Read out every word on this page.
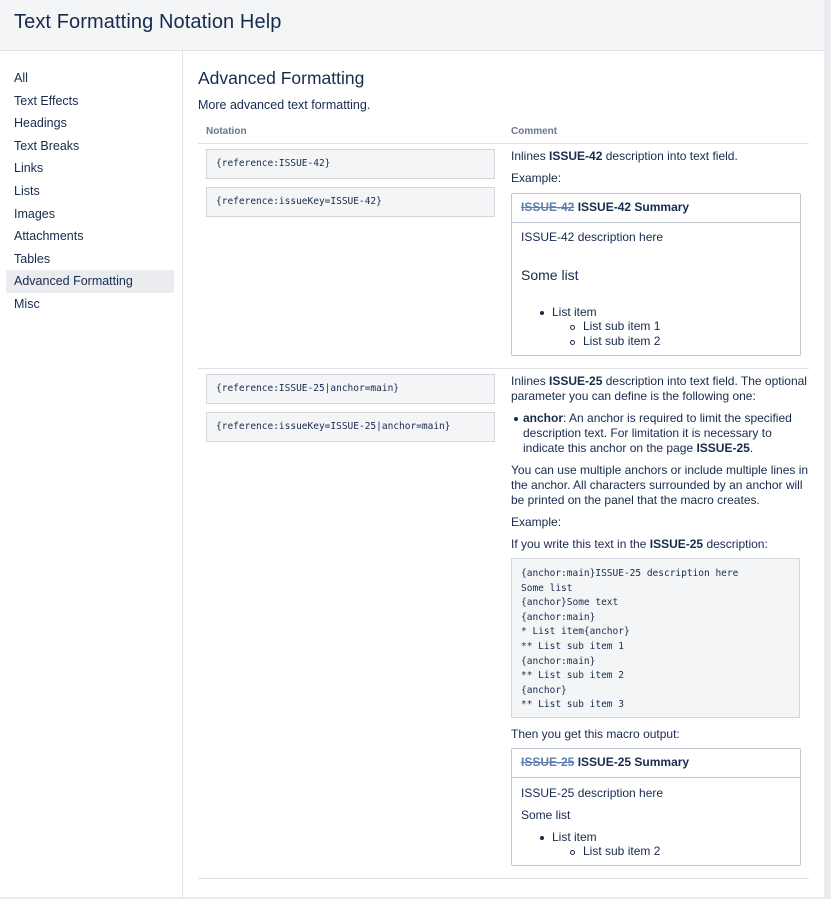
Text Formatting Notation Help
All
Text Effects
Headings
Text Breaks
Links
Lists
Images
Attachments
Tables
Advanced Formatting
Misc
Advanced Formatting
More advanced text formatting.
Notation	Comment
{reference:ISSUE-42}
{reference:issueKey=ISSUE-42}
Inlines ISSUE-42 description into text field.
Example:
ISSUE-42 ISSUE-42 Summary
ISSUE-42 description here
Some list
List item
List sub item 1
List sub item 2
{reference:ISSUE-25|anchor=main}
{reference:issueKey=ISSUE-25|anchor=main}
Inlines ISSUE-25 description into text field. The optional
parameter you can define is the following one:
anchor: An anchor is required to limit the specified
description text. For limitation it is necessary to
indicate this anchor on the page ISSUE-25.
You can use multiple anchors or include multiple lines in
the anchor. All characters surrounded by an anchor will
be printed on the panel that the macro creates.
Example:
If you write this text in the ISSUE-25 description:
{anchor:main}ISSUE-25 description here
Some list
{anchor}Some text
{anchor:main}
* List item{anchor}
** List sub item 1
{anchor:main}
** List sub item 2
{anchor}
** List sub item 3
Then you get this macro output:
ISSUE-25 ISSUE-25 Summary
ISSUE-25 description here
Some list
List item
List sub item 2
